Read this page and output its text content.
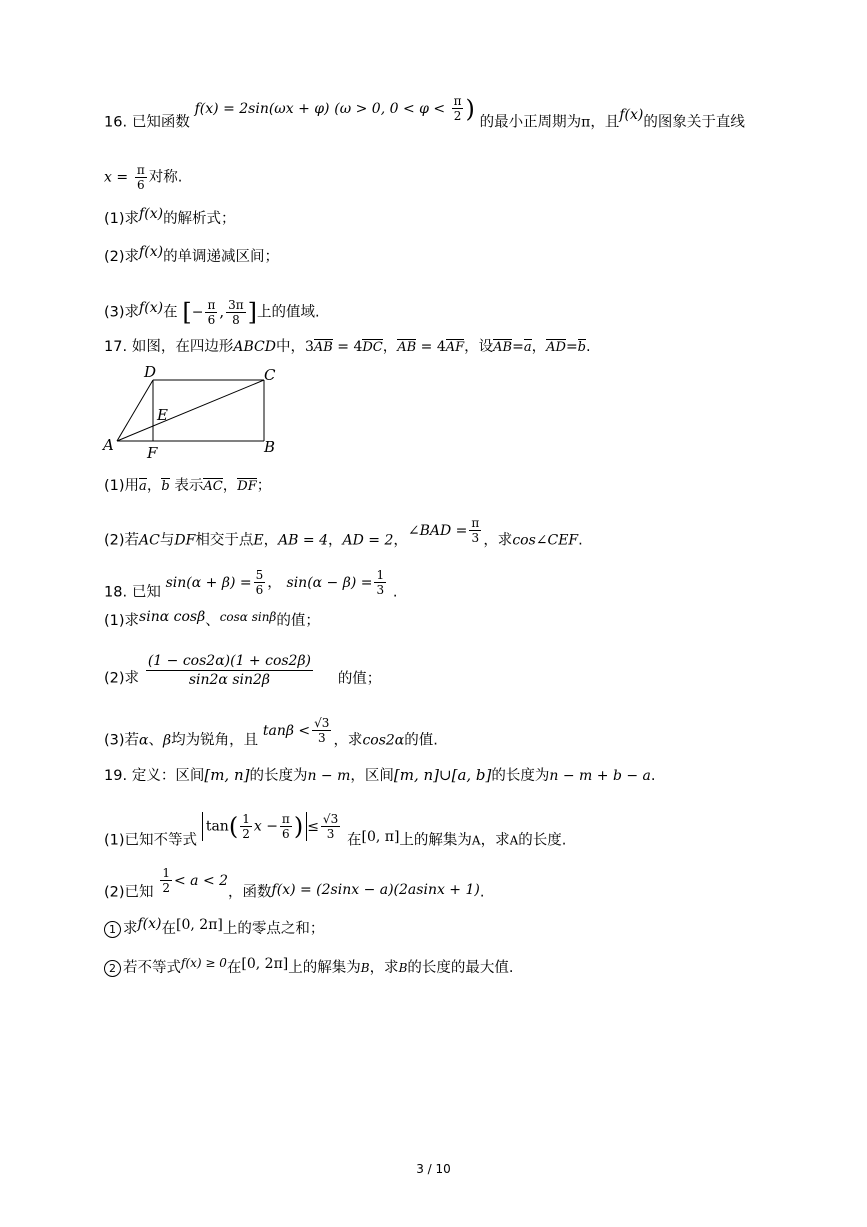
16. 已知函数 f(x) = 2sin(ωx + φ) (ω > 0, $0 < \varphi < \frac{\pi}{2}$ ) 的最小正周期为π，且f(x)的图象关于直线
$x = \frac{\pi}{6}$ 对称.
(1)求f(x)的解析式；
(2)求f(x)的单调递减区间；
(3)求f(x)在 [− $\frac{\pi}{6}$ , $\frac{3\pi}{8}$ ]上的值域.
17. 如图，在四边形ABCD中，3AB = 4DC，AB = 4AF，设AB=a，AD=b.
A	B
C
D
E
F
(1)用a，b 表示AC，DF；
(2)若AC与DF相交于点E，AB = 4，AD = 2，∠BAD = $\frac{\pi}{3}$ ，求cos∠CEF.
18. 已知 $\sin(\alpha + \beta) = \frac{5}{6}$ ， $\sin(\alpha - \beta) = \frac{1}{3}$ .
(1)求sinα cosβ、$^{cos\alpha sin\beta}$的值；
(2)求 $\frac{(1 - \cos 2\alpha)(1 + \cos 2\beta)}{\text{sin2α sin2β}}$ 的值；
(3)若α、β均为锐角，且 $\tan\beta < \frac{√3}{3}$ ，求cos2α的值.
19. 定义：区间[m, n]的长度为n − m，区间[m, n]∪[a, b]的长度为n − m + b − a.
(1)已知不等式 $\tan( \frac{1}{2}$ $x - \frac{\pi}{6}$ ) ≤ $\frac{√3}{3}$ 在[0, π]上的解集为A，求A的长度.
(2)已知 $\frac{1}{2} < a < 2$，函数f(x) = (2sinx − a)(2asinx + 1).
1 求f(x)在[0, 2π]上的零点之和；
2 若不等式$^{f(x) \ge 0}$在[0, 2π]上的解集为B，求B的长度的最大值.
3 / 10
